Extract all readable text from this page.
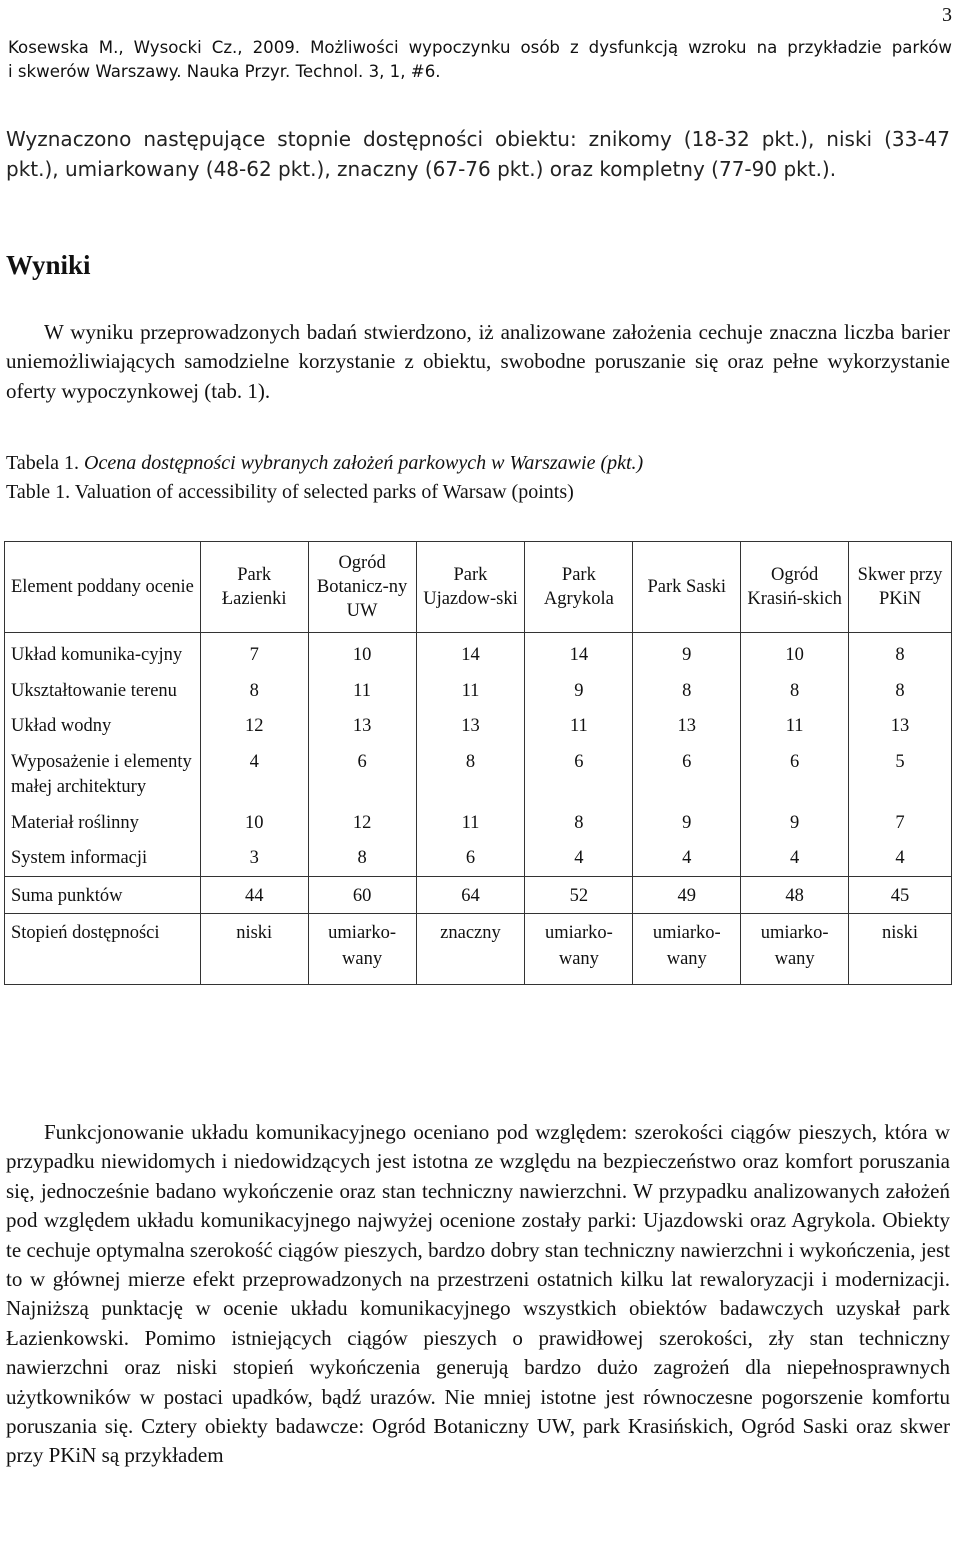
3
Kosewska M., Wysocki Cz., 2009. Możliwości wypoczynku osób z dysfunkcją wzroku na przykładzie parków
i skwerów Warszawy. Nauka Przyr. Technol. 3, 1, #6.
Wyznaczono następujące stopnie dostępności obiektu: znikomy (18-32 pkt.), niski (33-47 pkt.), umiarkowany (48-62 pkt.), znaczny (67-76 pkt.) oraz kompletny (77-90 pkt.).
Wyniki
W wyniku przeprowadzonych badań stwierdzono, iż analizowane założenia cechuje znaczna liczba barier uniemożliwiających samodzielne korzystanie z obiektu, swobodne poruszanie się oraz pełne wykorzystanie oferty wypoczynkowej (tab. 1).
Tabela 1. Ocena dostępności wybranych założeń parkowych w Warszawie (pkt.)
Table 1. Valuation of accessibility of selected parks of Warsaw (points)
Element poddany ocenie	Park Łazienki	Ogród Botanicz-ny UW	Park Ujazdow-ski	Park Agrykola	Park Saski	Ogród Krasiń-skich	Skwer przy PKiN
Układ komunika-cyjny	7	10	14	14	9	10	8
Ukształtowanie terenu	8	11	11	9	8	8	8
Układ wodny	12	13	13	11	13	11	13
Wyposażenie i elementy małej architektury	4	6	8	6	6	6	5
Materiał roślinny	10	12	11	8	9	9	7
System informacji	3	8	6	4	4	4	4
Suma punktów	44	60	64	52	49	48	45
Stopień dostępności	niski	umiarko-wany	znaczny	umiarko-wany	umiarko-wany	umiarko-wany	niski
Funkcjonowanie układu komunikacyjnego oceniano pod względem: szerokości ciągów pieszych, która w przypadku niewidomych i niedowidzących jest istotna ze względu na bezpieczeństwo oraz komfort poruszania się, jednocześnie badano wykończenie oraz stan techniczny nawierzchni. W przypadku analizowanych założeń pod względem układu komunikacyjnego najwyżej ocenione zostały parki: Ujazdowski oraz Agrykola. Obiekty te cechuje optymalna szerokość ciągów pieszych, bardzo dobry stan techniczny nawierzchni i wykończenia, jest to w głównej mierze efekt przeprowadzonych na przestrzeni ostatnich kilku lat rewaloryzacji i modernizacji. Najniższą punktację w ocenie układu komunikacyjnego wszystkich obiektów badawczych uzyskał park Łazienkowski. Pomimo istniejących ciągów pieszych o prawidłowej szerokości, zły stan techniczny nawierzchni oraz niski stopień wykończenia generują bardzo dużo zagrożeń dla niepełnosprawnych użytkowników w postaci upadków, bądź urazów. Nie mniej istotne jest równoczesne pogorszenie komfortu poruszania się. Cztery obiekty badawcze: Ogród Botaniczny UW, park Krasińskich, Ogród Saski oraz skwer przy PKiN są przykładem
